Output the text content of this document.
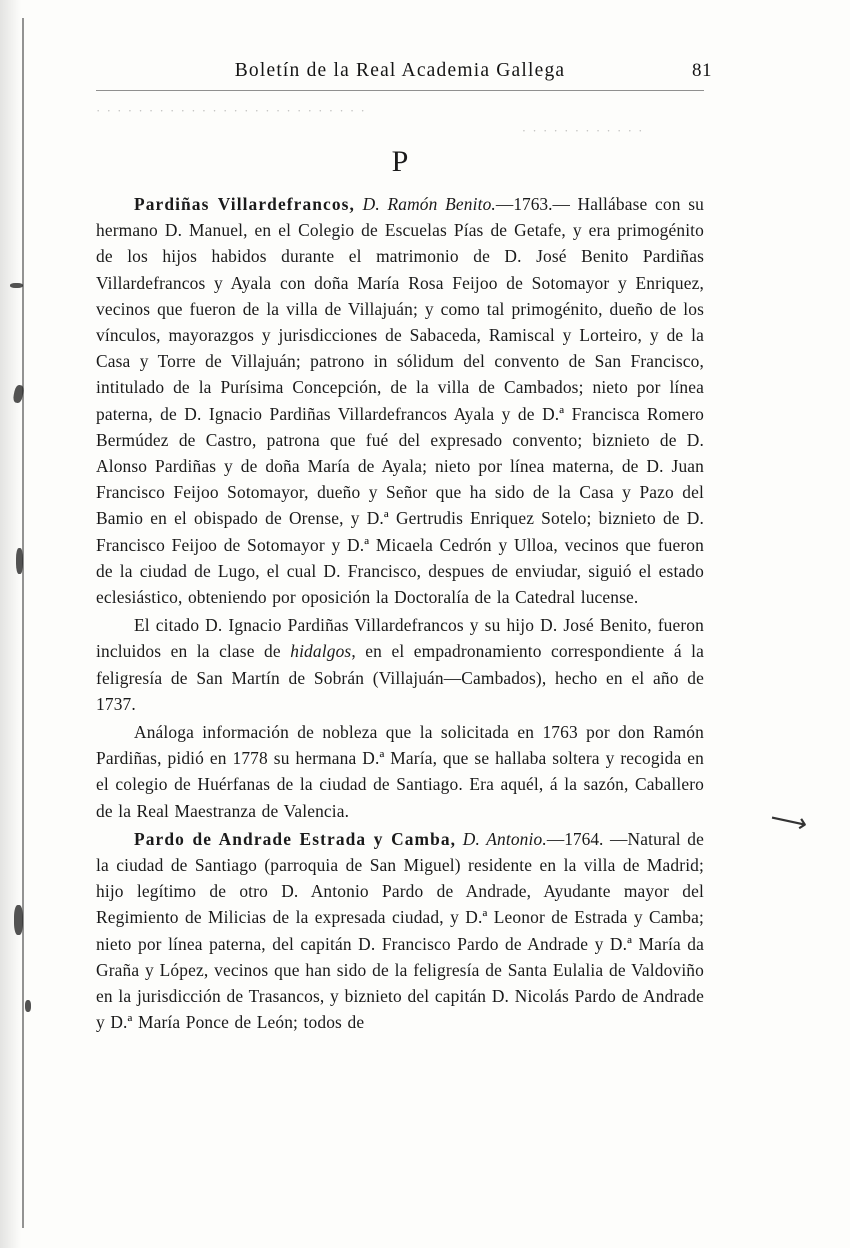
⟶
Boletín de la Real Academia Gallega	81
· · · · · · · · · · · · · · · · · · · · · · · · · ·
· · · · · · · · · · · ·
P

Pardiñas Villardefrancos, D. Ramón Benito.—1763.— Hallábase con su hermano D. Manuel, en el Colegio de Escuelas Pías de Getafe, y era primogénito de los hijos habidos durante el matrimonio de D. José Benito Pardiñas Villardefrancos y Ayala con doña María Rosa Feijoo de Sotomayor y Enriquez, vecinos que fueron de la villa de Villajuán; y como tal primogénito, dueño de los vínculos, mayorazgos y jurisdicciones de Sabaceda, Ramiscal y Lorteiro, y de la Casa y Torre de Villajuán; patrono in sólidum del convento de San Francisco, intitulado de la Purísima Concepción, de la villa de Cambados; nieto por línea paterna, de D. Ignacio Pardiñas Villardefrancos Ayala y de D.ª Francisca Romero Bermúdez de Castro, patrona que fué del expresado convento; biznieto de D. Alonso Pardiñas y de doña María de Ayala; nieto por línea materna, de D. Juan Francisco Feijoo Sotomayor, dueño y Señor que ha sido de la Casa y Pazo del Bamio en el obispado de Orense, y D.ª Gertrudis Enriquez Sotelo; biznieto de D. Francisco Feijoo de Sotomayor y D.ª Micaela Cedrón y Ulloa, vecinos que fueron de la ciudad de Lugo, el cual D. Francisco, despues de enviudar, siguió el estado eclesiástico, obteniendo por oposición la Doctoralía de la Catedral lucense.

El citado D. Ignacio Pardiñas Villardefrancos y su hijo D. José Benito, fueron incluidos en la clase de hidalgos, en el empadronamiento correspondiente á la feligresía de San Martín de Sobrán (Villajuán—Cambados), hecho en el año de 1737.

Análoga información de nobleza que la solicitada en 1763 por don Ramón Pardiñas, pidió en 1778 su hermana D.ª María, que se hallaba soltera y recogida en el colegio de Huérfanas de la ciudad de Santiago. Era aquél, á la sazón, Caballero de la Real Maestranza de Valencia.

Pardo de Andrade Estrada y Camba, D. Antonio.—1764. —Natural de la ciudad de Santiago (parroquia de San Miguel) residente en la villa de Madrid; hijo legítimo de otro D. Antonio Pardo de Andrade, Ayudante mayor del Regimiento de Milicias de la expresada ciudad, y D.ª Leonor de Estrada y Camba; nieto por línea paterna, del capitán D. Francisco Pardo de Andrade y D.ª María da Graña y López, vecinos que han sido de la feligresía de Santa Eulalia de Valdoviño en la jurisdicción de Trasancos, y biznieto del capitán D. Nicolás Pardo de Andrade y D.ª María Ponce de León; todos de
